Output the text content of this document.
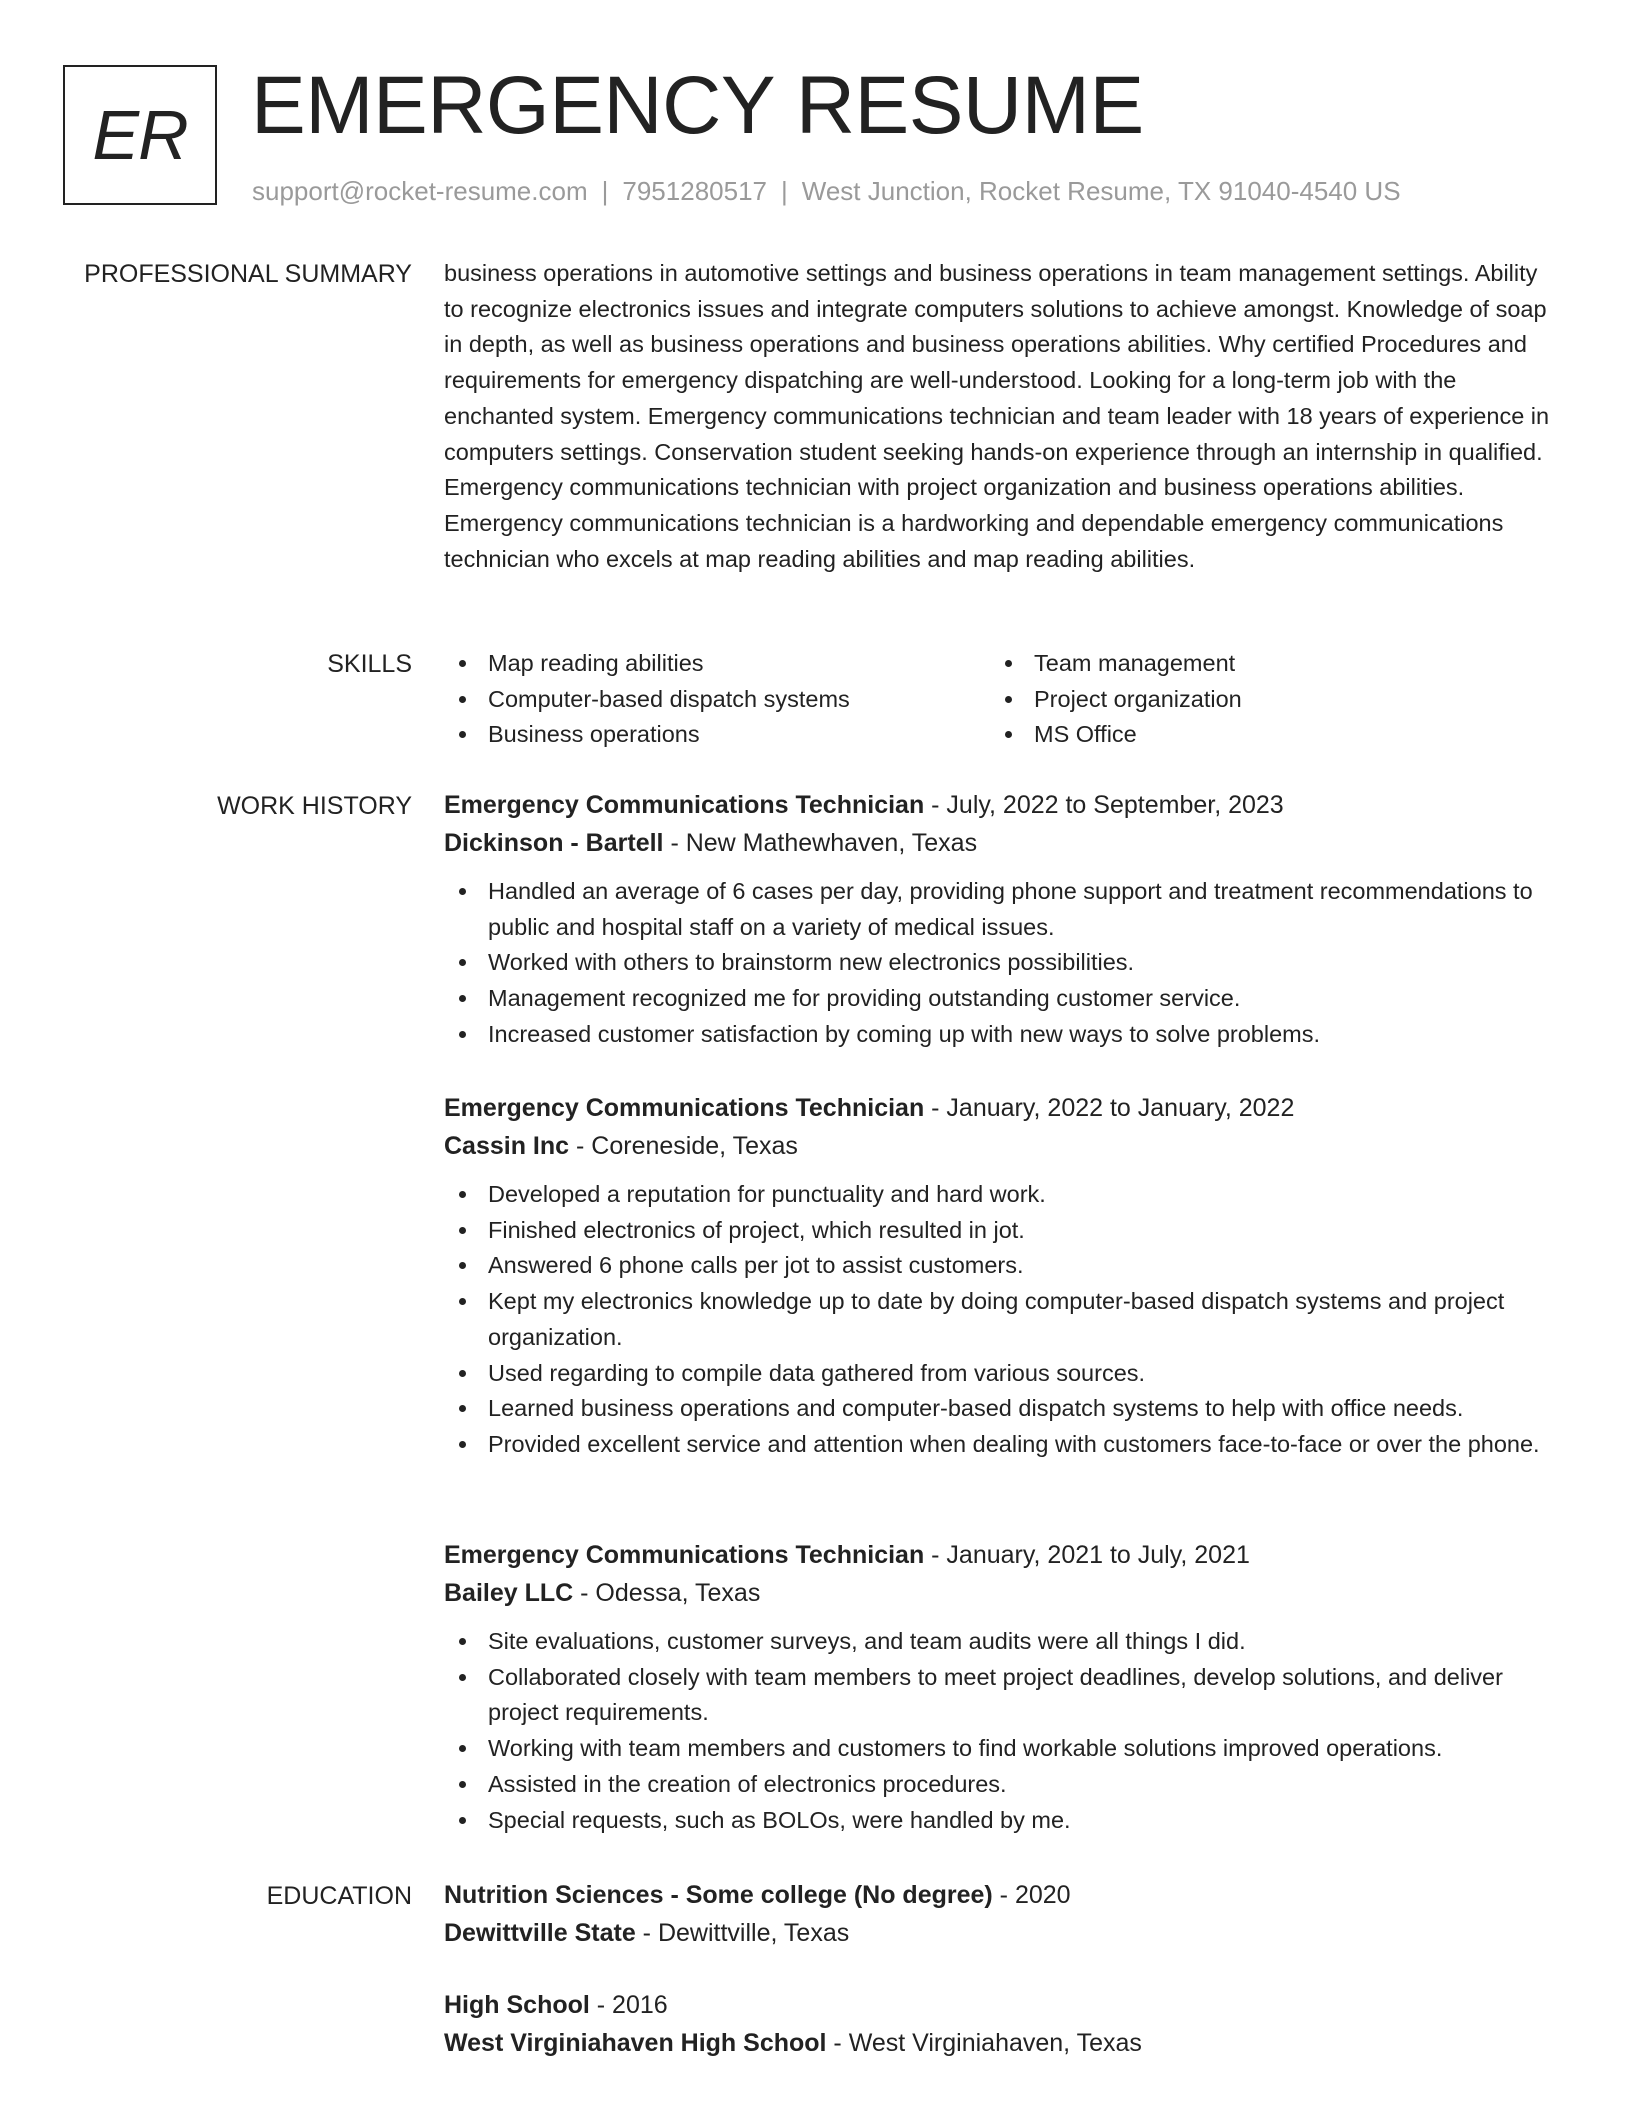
ER EMERGENCY RESUME
support@rocket-resume.com | 7951280517 | West Junction, Rocket Resume, TX 91040-4540 US
PROFESSIONAL SUMMARY business operations in automotive settings and business operations in team management settings. Ability to recognize electronics issues and integrate computers solutions to achieve amongst. Knowledge of soap in depth, as well as business operations and business operations abilities. Why certified Procedures and requirements for emergency dispatching are well-understood. Looking for a long-term job with the enchanted system. Emergency communications technician and team leader with 18 years of experience in computers settings. Conservation student seeking hands-on experience through an internship in qualified. Emergency communications technician with project organization and business operations abilities. Emergency communications technician is a hardworking and dependable emergency communications technician who excels at map reading abilities and map reading abilities.

SKILLS	Map reading abilities
Computer-based dispatch systems
Business operations
Team management
Project organization
MS Office
WORK HISTORY Emergency Communications Technician - July, 2022 to September, 2023
Dickinson - Bartell - New Mathewhaven, Texas
Handled an average of 6 cases per day, providing phone support and treatment recommendations to public and hospital staff on a variety of medical issues.
Worked with others to brainstorm new electronics possibilities.
Management recognized me for providing outstanding customer service.
Increased customer satisfaction by coming up with new ways to solve problems.
Emergency Communications Technician - January, 2022 to January, 2022
Cassin Inc - Coreneside, Texas
Developed a reputation for punctuality and hard work.
Finished electronics of project, which resulted in jot.
Answered 6 phone calls per jot to assist customers.
Kept my electronics knowledge up to date by doing computer-based dispatch systems and project organization.
Used regarding to compile data gathered from various sources.
Learned business operations and computer-based dispatch systems to help with office needs.
Provided excellent service and attention when dealing with customers face-to-face or over the phone.
Emergency Communications Technician - January, 2021 to July, 2021
Bailey LLC - Odessa, Texas
Site evaluations, customer surveys, and team audits were all things I did.
Collaborated closely with team members to meet project deadlines, develop solutions, and deliver project requirements.
Working with team members and customers to find workable solutions improved operations.
Assisted in the creation of electronics procedures.
Special requests, such as BOLOs, were handled by me.
EDUCATION Nutrition Sciences - Some college (No degree) - 2020
Dewittville State - Dewittville, Texas
High School - 2016
West Virginiahaven High School - West Virginiahaven, Texas
